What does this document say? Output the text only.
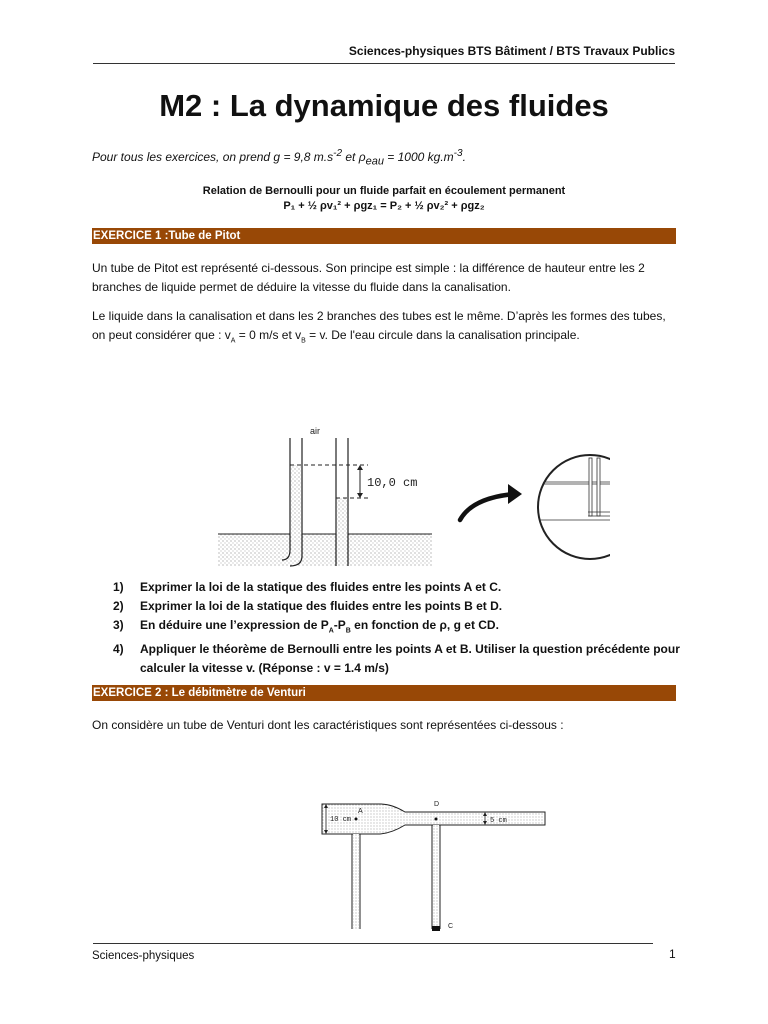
Sciences-physiques BTS Bâtiment / BTS Travaux Publics
M2 : La dynamique des fluides
Pour tous les exercices, on prend g = 9,8 $m.s^{-2}$ et $\rho_{eau} = 1000$ $kg.m^{-3}$.
Relation de Bernoulli pour un fluide parfait en écoulement permanent
P₁ + ½ ρv₁² + ρgz₁ = P₂ + ½ ρv₂² + ρgz₂
EXERCICE 1 :Tube de Pitot
Un tube de Pitot est représenté ci-dessous. Son principe est simple : la différence de hauteur entre les 2 branches de liquide permet de déduire la vitesse du fluide dans la canalisation.
Le liquide dans la canalisation et dans les 2 branches des tubes est le même. D’après les formes des tubes, on peut considérer que : $v_A = 0$ m/s et $v_B = v$. De l'eau circule dans la canalisation principale.
10,0 cm
air
1)	Exprimer la loi de la statique des fluides entre les points A et C.
2)	Exprimer la loi de la statique des fluides entre les points B et D.
3)	En déduire une l’expression de $P_A-P_B$ en fonction de ρ, g et CD.
4)	Appliquer le théorème de Bernoulli entre les points A et B. Utiliser la question précédente pour calculer la vitesse v. (Réponse : v = 1.4 m/s)
EXERCICE 2 : Le débitmètre de Venturi
On considère un tube de Venturi dont les caractéristiques sont représentées ci-dessous :
A
D
C
10 cm	5 cm
Sciences-physiques	1
